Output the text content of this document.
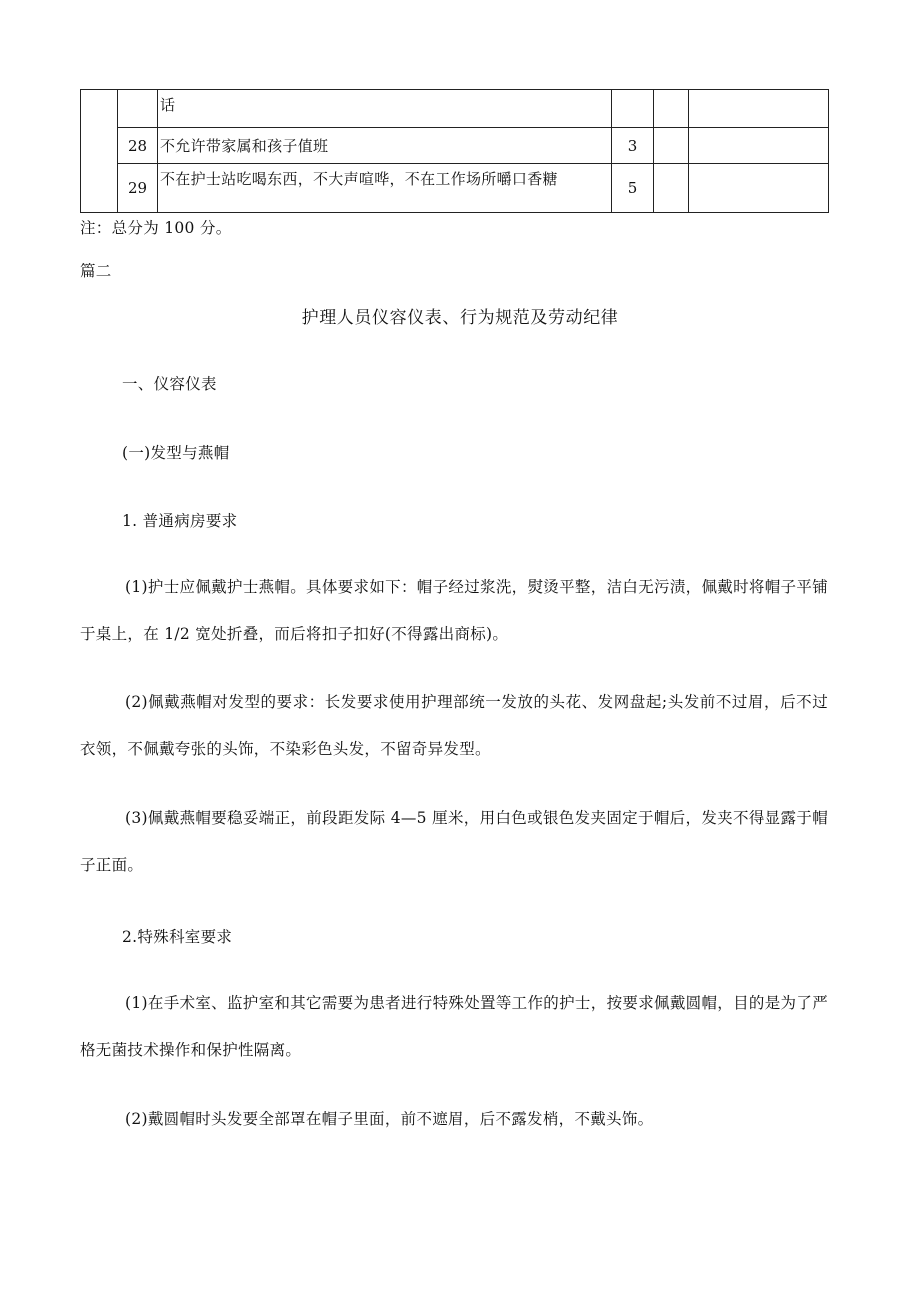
		话			
	28	不允许带家属和孩子值班	3		
	29	不在护士站吃喝东西，不大声喧哗，不在工作场所嚼口香糖	5		

注：总分为 100 分。

篇二

护理人员仪容仪表、行为规范及劳动纪律

一、仪容仪表

(一)发型与燕帽

1. 普通病房要求

(1)护士应佩戴护士燕帽。具体要求如下：帽子经过浆洗，熨烫平整，洁白无污渍，佩戴时将帽子平铺于桌上，在 1/2 宽处折叠，而后将扣子扣好(不得露出商标)。

(2)佩戴燕帽对发型的要求：长发要求使用护理部统一发放的头花、发网盘起;头发前不过眉，后不过衣领，不佩戴夸张的头饰，不染彩色头发，不留奇异发型。

(3)佩戴燕帽要稳妥端正，前段距发际 4—5 厘米，用白色或银色发夹固定于帽后，发夹不得显露于帽子正面。

2.特殊科室要求

(1)在手术室、监护室和其它需要为患者进行特殊处置等工作的护士，按要求佩戴圆帽，目的是为了严格无菌技术操作和保护性隔离。

(2)戴圆帽时头发要全部罩在帽子里面，前不遮眉，后不露发梢，不戴头饰。
